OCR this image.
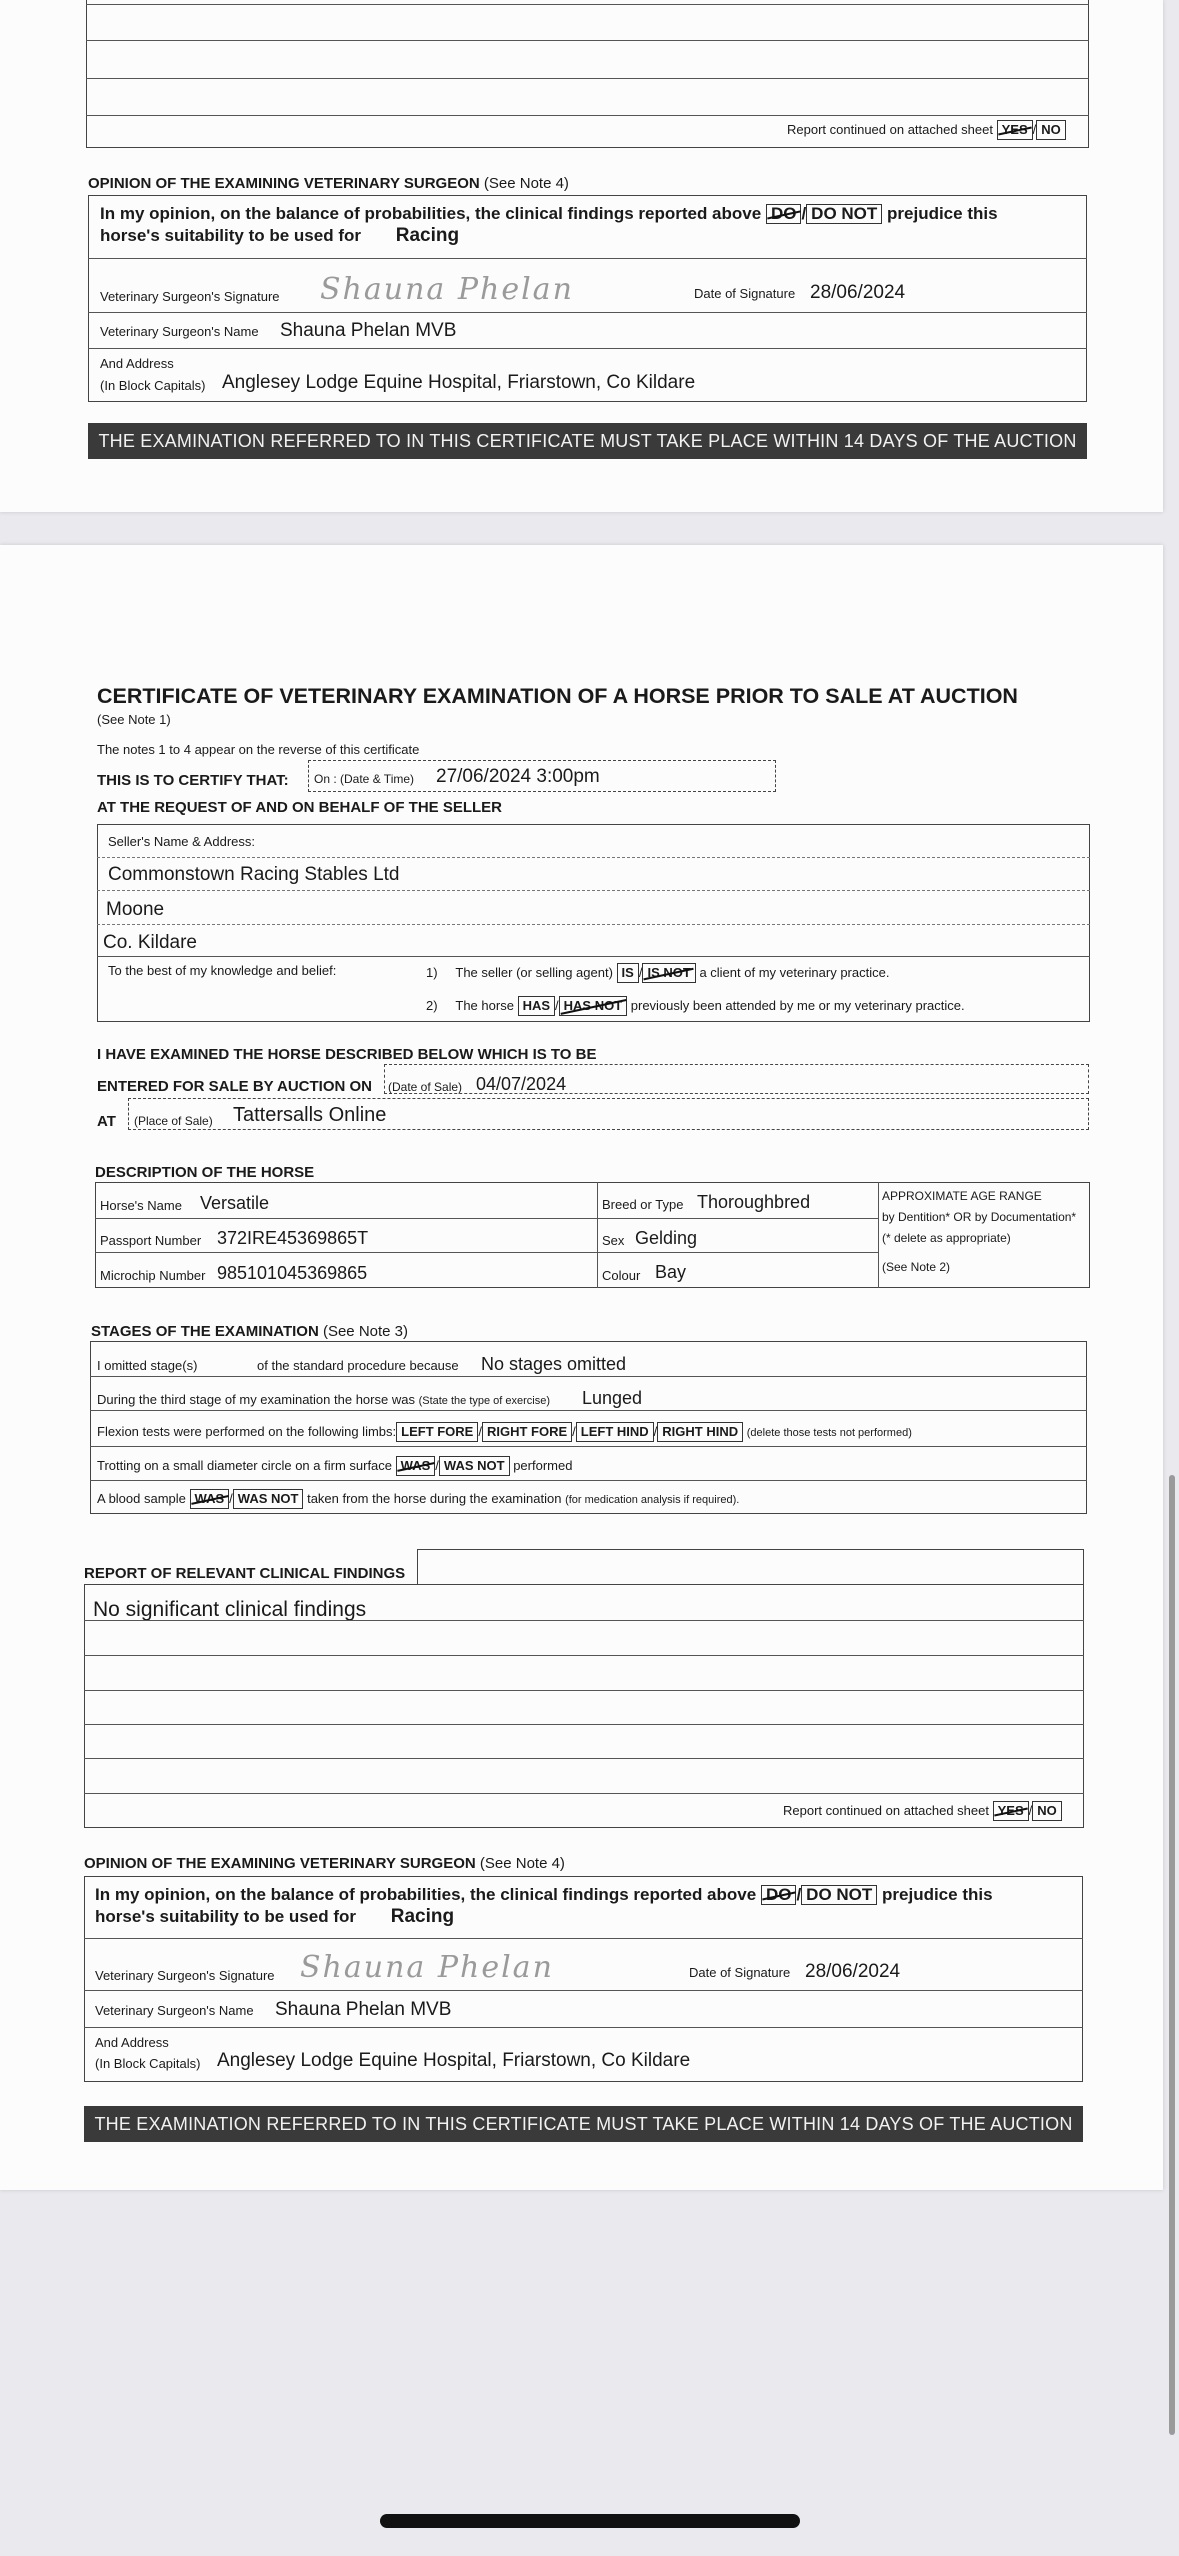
Report continued on attached sheet YES / NO
OPINION OF THE EXAMINING VETERINARY SURGEON (See Note 4)
In my opinion, on the balance of probabilities, the clinical findings reported above DO / DO NOT prejudice this
horse's suitability to be used for Racing
Veterinary Surgeon's Signature Shauna Phelan	Date of Signature 28/06/2024
Veterinary Surgeon's Name Shauna Phelan MVB
And Address
(In Block Capitals) Anglesey Lodge Equine Hospital, Friarstown, Co Kildare
THE EXAMINATION REFERRED TO IN THIS CERTIFICATE MUST TAKE PLACE WITHIN 14 DAYS OF THE AUCTION
CERTIFICATE OF VETERINARY EXAMINATION OF A HORSE PRIOR TO SALE AT AUCTION
(See Note 1)
The notes 1 to 4 appear on the reverse of this certificate
THIS IS TO CERTIFY THAT: On : (Date & Time) 27/06/2024 3:00pm
AT THE REQUEST OF AND ON BEHALF OF THE SELLER
Seller's Name & Address:
Commonstown Racing Stables Ltd
Moone
Co. Kildare
To the best of my knowledge and belief:	1) The seller (or selling agent) IS / IS NOT a client of my veterinary practice.
2) The horse HAS / HAS NOT previously been attended by me or my veterinary practice.
I HAVE EXAMINED THE HORSE DESCRIBED BELOW WHICH IS TO BE
ENTERED FOR SALE BY AUCTION ON (Date of Sale) 04/07/2024
AT (Place of Sale) Tattersalls Online
DESCRIPTION OF THE HORSE
Horse's Name Versatile	Breed or Type Thoroughbred
Passport Number 372IRE45369865T	Sex Gelding
Microchip Number 985101045369865	Colour Bay
APPROXIMATE AGE RANGE
by Dentition* OR by Documentation*
(* delete as appropriate)
(See Note 2)
STAGES OF THE EXAMINATION (See Note 3)
I omitted stage(s)	of the standard procedure because No stages omitted
During the third stage of my examination the horse was (State the type of exercise) Lunged
Flexion tests were performed on the following limbs: LEFT FORE / RIGHT FORE / LEFT HIND / RIGHT HIND (delete those tests not performed)
Trotting on a small diameter circle on a firm surface WAS / WAS NOT performed
A blood sample WAS / WAS NOT taken from the horse during the examination (for medication analysis if required).
REPORT OF RELEVANT CLINICAL FINDINGS
No significant clinical findings
Report continued on attached sheet YES / NO
OPINION OF THE EXAMINING VETERINARY SURGEON (See Note 4)
In my opinion, on the balance of probabilities, the clinical findings reported above DO / DO NOT prejudice this
horse's suitability to be used for Racing
Veterinary Surgeon's Signature Shauna Phelan	Date of Signature 28/06/2024
Veterinary Surgeon's Name Shauna Phelan MVB
And Address
(In Block Capitals) Anglesey Lodge Equine Hospital, Friarstown, Co Kildare
THE EXAMINATION REFERRED TO IN THIS CERTIFICATE MUST TAKE PLACE WITHIN 14 DAYS OF THE AUCTION
